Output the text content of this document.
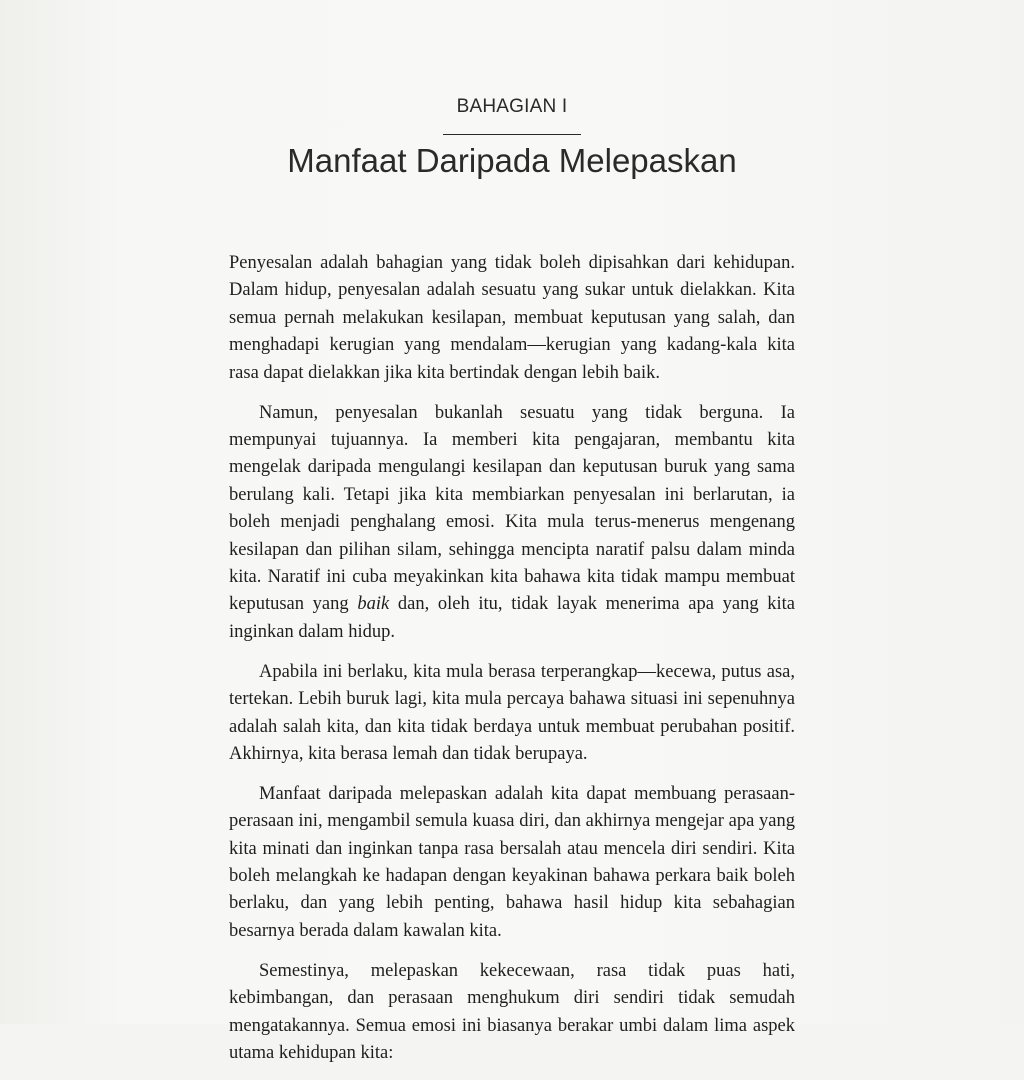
BAHAGIAN I
Manfaat Daripada Melepaskan

Penyesalan adalah bahagian yang tidak boleh dipisahkan dari kehidupan. Dalam hidup, penyesalan adalah sesuatu yang sukar untuk dielakkan. Kita semua pernah melakukan kesilapan, membuat keputusan yang salah, dan menghadapi kerugian yang mendalam—kerugian yang kadang-kala kita rasa dapat dielakkan jika kita bertindak dengan lebih baik.

Namun, penyesalan bukanlah sesuatu yang tidak berguna. Ia mempunyai tujuannya. Ia memberi kita pengajaran, membantu kita mengelak daripada mengulangi kesilapan dan keputusan buruk yang sama berulang kali. Tetapi jika kita membiarkan penyesalan ini berlarutan, ia boleh menjadi penghalang emosi. Kita mula terus-menerus mengenang kesilapan dan pilihan silam, sehingga mencipta naratif palsu dalam minda kita. Naratif ini cuba meyakinkan kita bahawa kita tidak mampu membuat keputusan yang baik dan, oleh itu, tidak layak menerima apa yang kita inginkan dalam hidup.

Apabila ini berlaku, kita mula berasa terperangkap—kecewa, putus asa, tertekan. Lebih buruk lagi, kita mula percaya bahawa situasi ini sepenuhnya adalah salah kita, dan kita tidak berdaya untuk membuat perubahan positif. Akhirnya, kita berasa lemah dan tidak berupaya.

Manfaat daripada melepaskan adalah kita dapat membuang perasaan-perasaan ini, mengambil semula kuasa diri, dan akhirnya mengejar apa yang kita minati dan inginkan tanpa rasa bersalah atau mencela diri sendiri. Kita boleh melangkah ke hadapan dengan keyakinan bahawa perkara baik boleh berlaku, dan yang lebih penting, bahawa hasil hidup kita sebahagian besarnya berada dalam kawalan kita.

Semestinya, melepaskan kekecewaan, rasa tidak puas hati, kebimbangan, dan perasaan menghukum diri sendiri tidak semudah mengatakannya. Semua emosi ini biasanya berakar umbi dalam lima aspek utama kehidupan kita:
